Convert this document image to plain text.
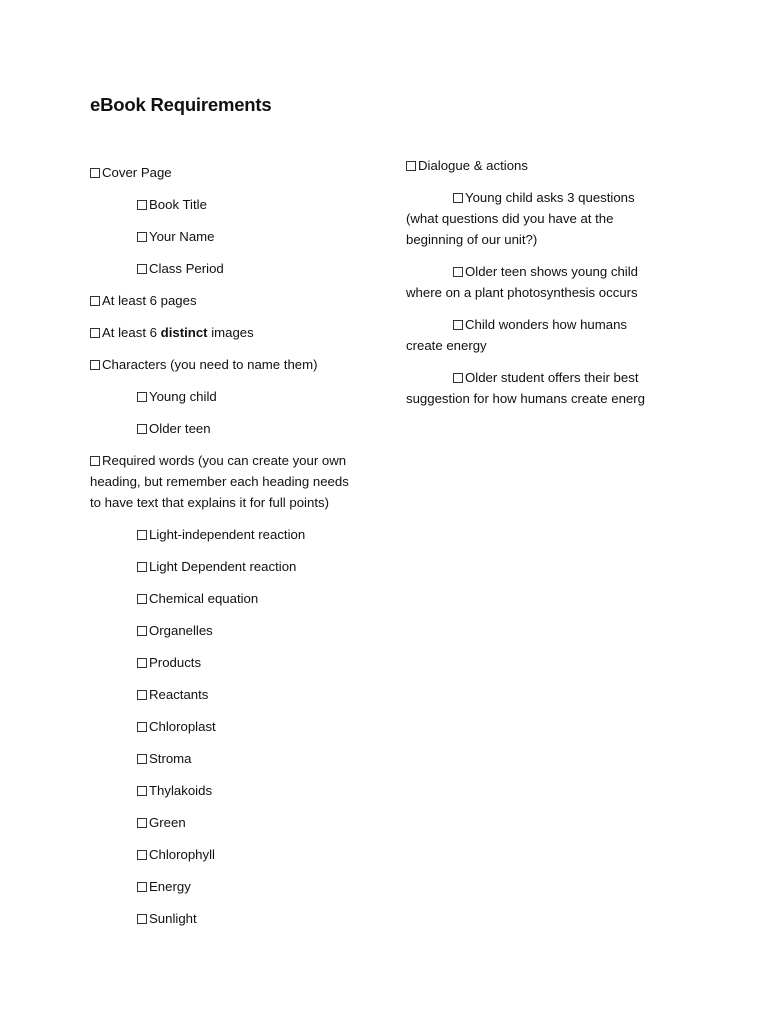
eBook Requirements
Cover Page
Book Title
Your Name
Class Period
At least 6 pages
At least 6 distinct images
Characters (you need to name them)
Young child
Older teen
Required words (you can create your own
heading, but remember each heading needs
to have text that explains it for full points)
Light-independent reaction
Light Dependent reaction
Chemical equation
Organelles
Products
Reactants
Chloroplast
Stroma
Thylakoids
Green
Chlorophyll
Energy
Sunlight
Dialogue & actions
Young child asks 3 questions
(what questions did you have at the
beginning of our unit?)
Older teen shows young child
where on a plant photosynthesis occurs
Child wonders how humans
create energy
Older student offers their best
suggestion for how humans create energ
